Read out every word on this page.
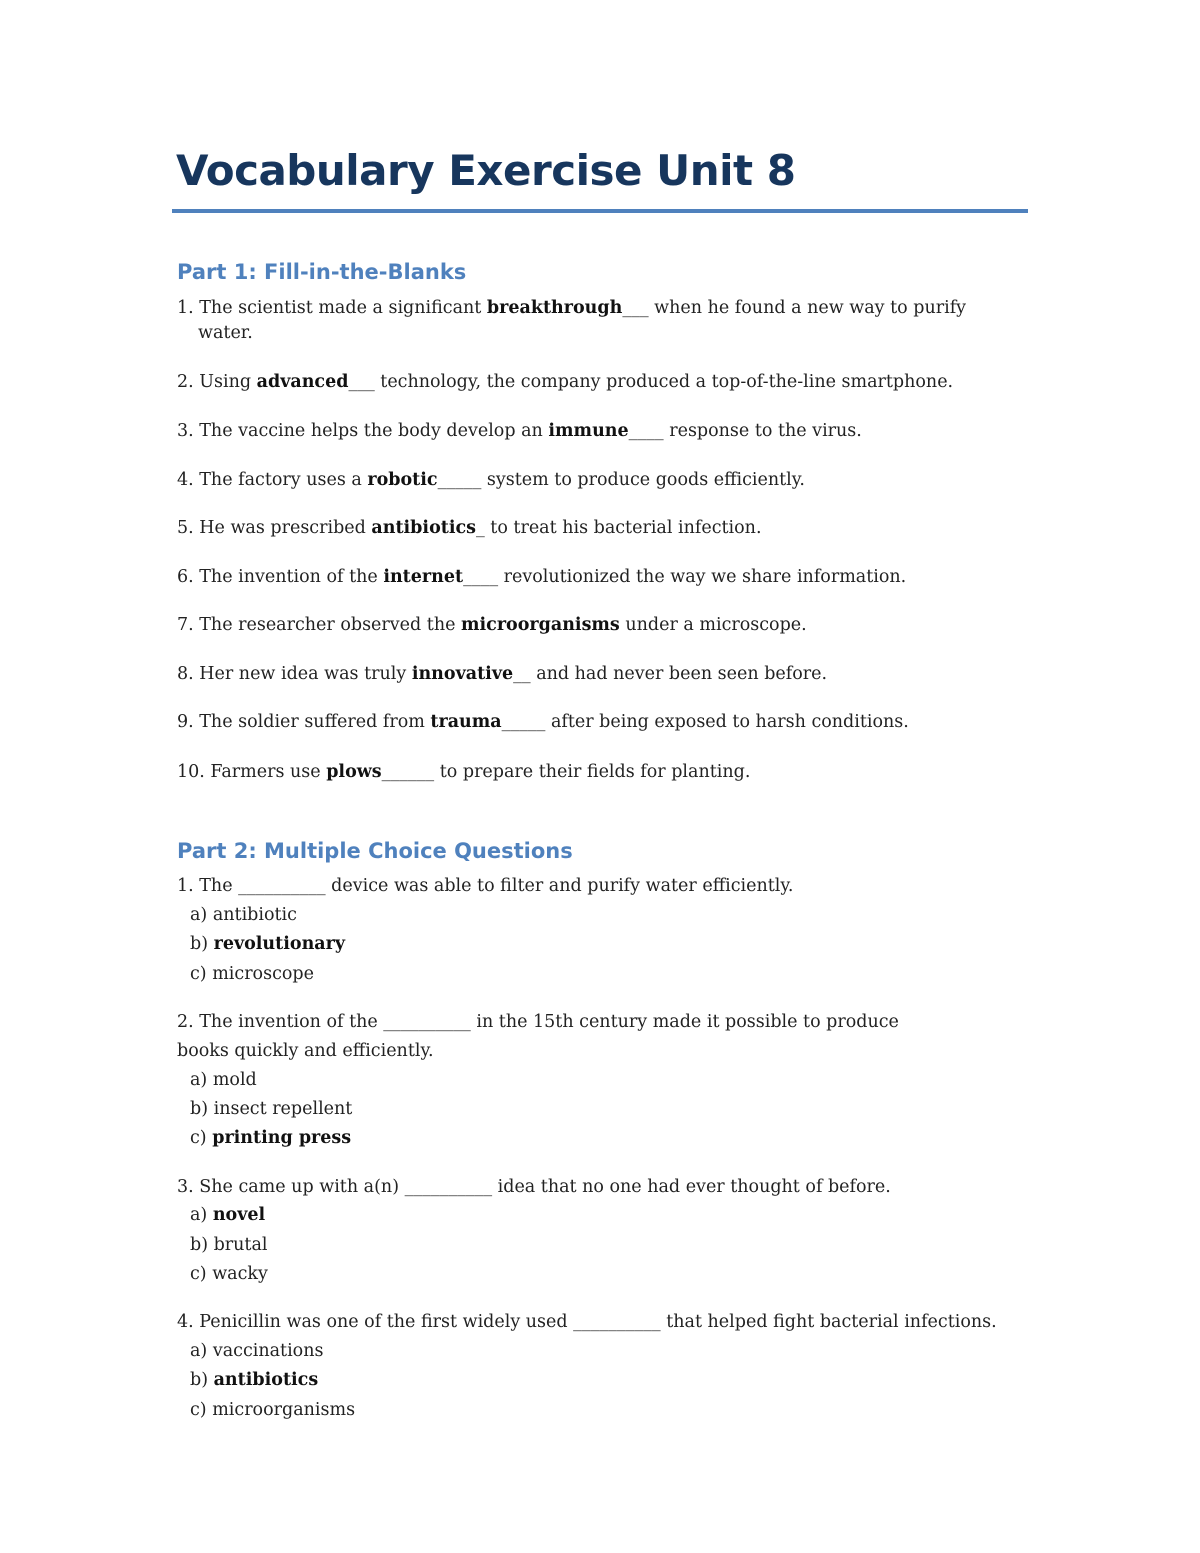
Vocabulary Exercise Unit 8
Part 1: Fill-in-the-Blanks
1. The scientist made a significant breakthrough___ when he found a new way to purify
water.
2. Using advanced___ technology, the company produced a top-of-the-line smartphone.
3. The vaccine helps the body develop an immune____ response to the virus.
4. The factory uses a robotic_____ system to produce goods efficiently.
5. He was prescribed antibiotics_ to treat his bacterial infection.
6. The invention of the internet____ revolutionized the way we share information.
7. The researcher observed the microorganisms under a microscope.
8. Her new idea was truly innovative__ and had never been seen before.
9. The soldier suffered from trauma_____ after being exposed to harsh conditions.
10. Farmers use plows______ to prepare their fields for planting.
Part 2: Multiple Choice Questions
1. The __________ device was able to filter and purify water efficiently.
a) antibiotic
b) revolutionary
c) microscope
2. The invention of the __________ in the 15th century made it possible to produce
books quickly and efficiently.
a) mold
b) insect repellent
c) printing press
3. She came up with a(n) __________ idea that no one had ever thought of before.
a) novel
b) brutal
c) wacky
4. Penicillin was one of the first widely used __________ that helped fight bacterial infections.
a) vaccinations
b) antibiotics
c) microorganisms
